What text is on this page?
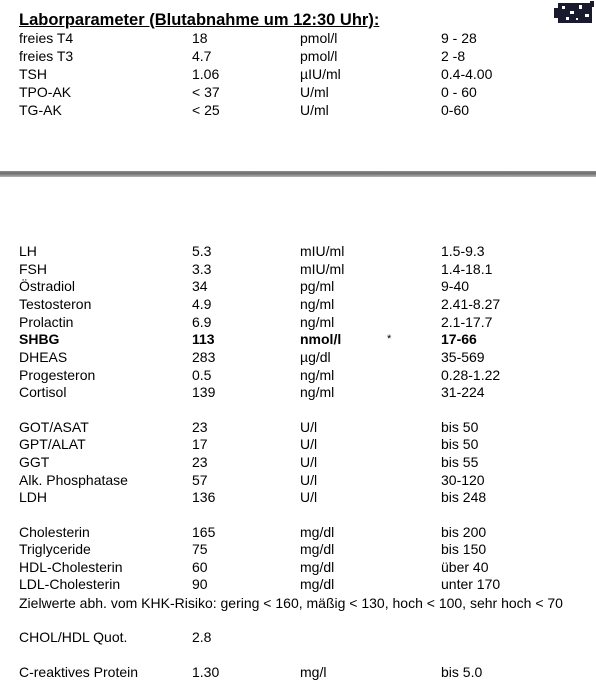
Laborparameter (Blutabnahme um 12:30 Uhr):
freies T4	18	pmol/l	9 - 28
freies T3	4.7	pmol/l	2 -8
TSH	1.06	µIU/ml	0.4-4.00
TPO-AK	< 37	U/ml	0 - 60
TG-AK	< 25	U/ml	0-60
LH	5.3	mIU/ml	1.5-9.3
FSH	3.3	mIU/ml	1.4-18.1
Östradiol	34	pg/ml	9-40
Testosteron	4.9	ng/ml	2.41-8.27
Prolactin	6.9	ng/ml	2.1-17.7
SHBG	113	nmol/l	*	17-66
DHEAS	283	µg/dl	35-569
Progesteron	0.5	ng/ml	0.28-1.22
Cortisol	139	ng/ml	31-224
GOT/ASAT	23	U/l	bis 50
GPT/ALAT	17	U/l	bis 50
GGT	23	U/l	bis 55
Alk. Phosphatase	57	U/l	30-120
LDH	136	U/l	bis 248
Cholesterin	165	mg/dl	bis 200
Triglyceride	75	mg/dl	bis 150
HDL-Cholesterin	60	mg/dl	über 40
LDL-Cholesterin	90	mg/dl	unter 170
Zielwerte abh. vom KHK-Risiko: gering < 160, mäßig < 130, hoch < 100, sehr hoch < 70
CHOL/HDL Quot.	2.8
C-reaktives Protein	1.30	mg/l	bis 5.0
